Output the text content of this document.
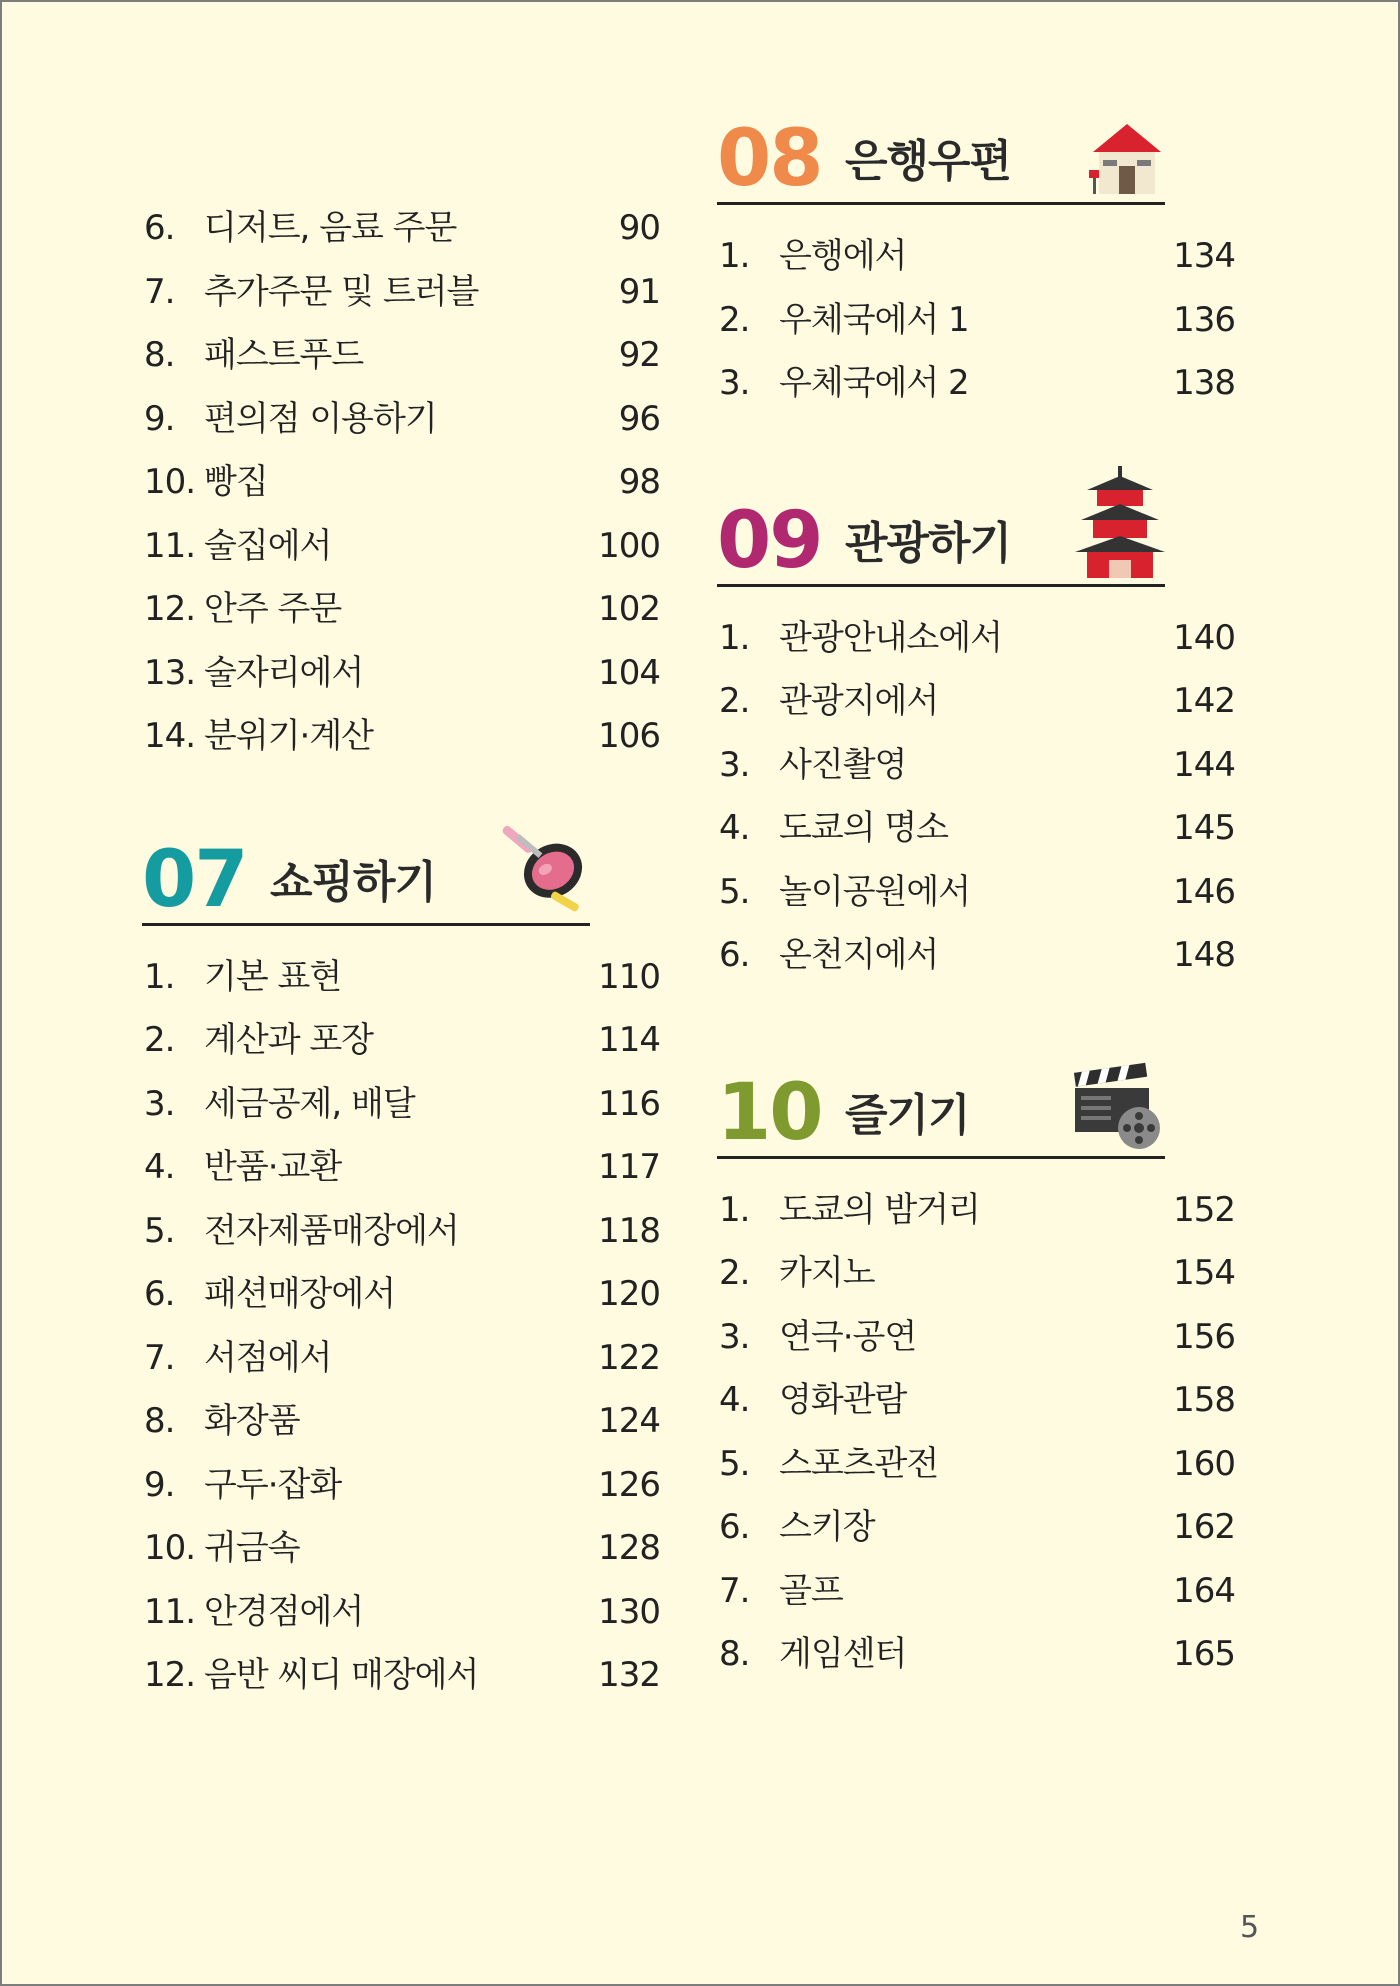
6. 디저트, 음료 주문	90
7. 추가주문 및 트러블	91
8. 패스트푸드	92
9. 편의점 이용하기	96
10. 빵집	98
11. 술집에서	100
12. 안주 주문	102
13. 술자리에서	104
14. 분위기·계산	106
07 쇼핑하기
1. 기본 표현	110
2. 계산과 포장	114
3. 세금공제, 배달	116
4. 반품·교환	117
5. 전자제품매장에서	118
6. 패션매장에서	120
7. 서점에서	122
8. 화장품	124
9. 구두·잡화	126
10. 귀금속	128
11. 안경점에서	130
12. 음반 씨디 매장에서	132
08 은행우편
1. 은행에서	134
2. 우체국에서 1	136
3. 우체국에서 2	138
09 관광하기
1. 관광안내소에서	140
2. 관광지에서	142
3. 사진촬영	144
4. 도쿄의 명소	145
5. 놀이공원에서	146
6. 온천지에서	148
10 즐기기
1. 도쿄의 밤거리	152
2. 카지노	154
3. 연극·공연	156
4. 영화관람	158
5. 스포츠관전	160
6. 스키장	162
7. 골프	164
8. 게임센터	165
5
